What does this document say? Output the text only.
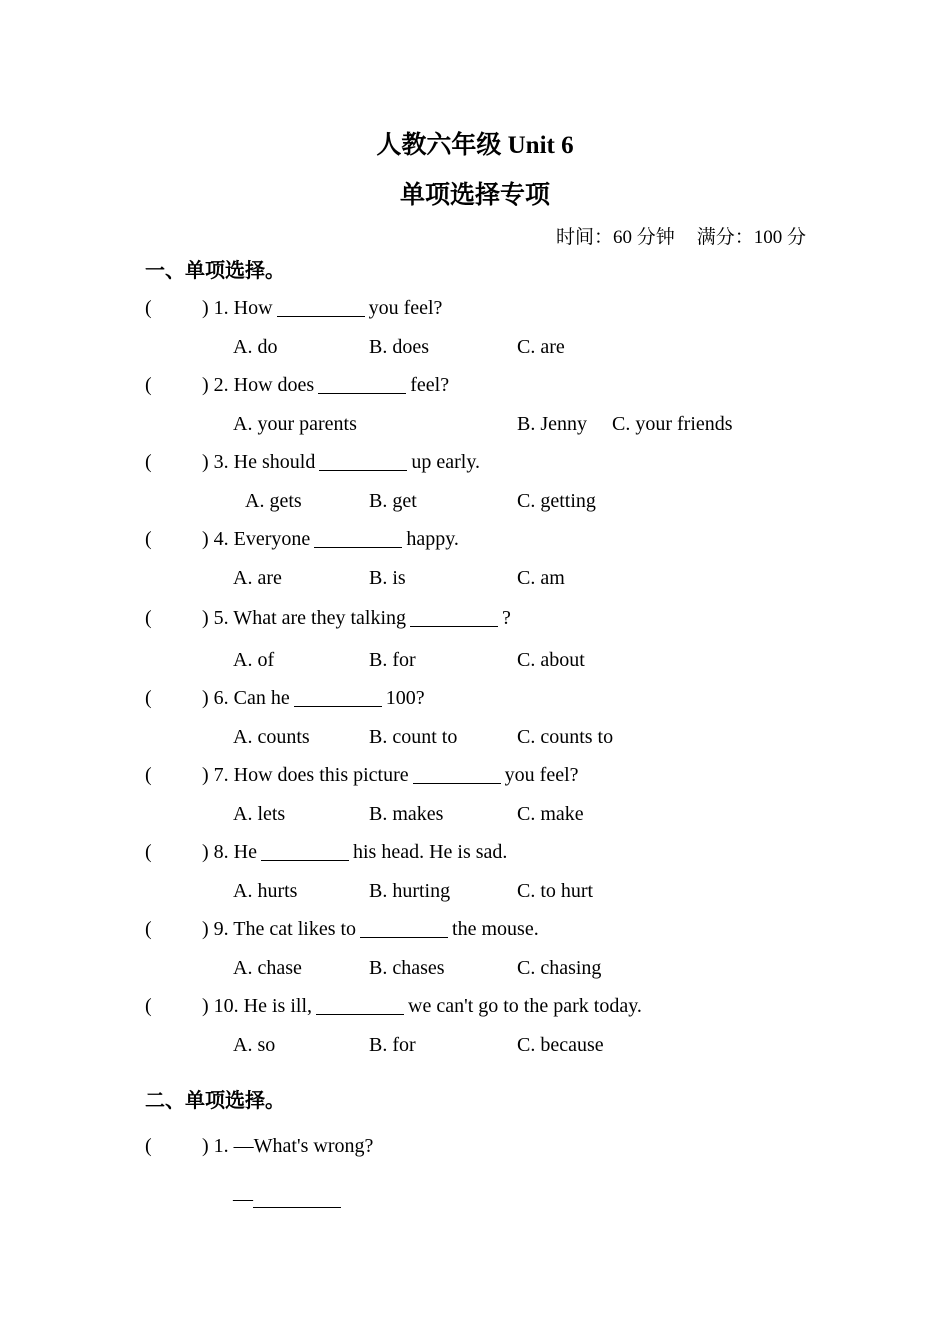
人教六年级 Unit 6
单项选择专项
时间：60 分钟 满分：100 分
一、单项选择。
(	) 1. How	you feel?
A. do	B. does	C. are
(	) 2. How does	feel?
A. your parents	B. Jenny C. your friends
(	) 3. He should	up early.
A. gets	B. get	C. getting
(	) 4. Everyone	happy.
A. are	B. is	C. am
(	) 5. What are they talking	?
A. of	B. for	C. about
(	) 6. Can he	100?
A. counts	B. count to	C. counts to
(	) 7. How does this picture	you feel?
A. lets	B. makes	C. make
(	) 8. He	his head. He is sad.
A. hurts	B. hurting	C. to hurt
(	) 9. The cat likes to	the mouse.
A. chase	B. chases	C. chasing
(	) 10. He is ill,	we can't go to the park today.
A. so	B. for	C. because
二、单项选择。
(	) 1. —What's wrong?
—
